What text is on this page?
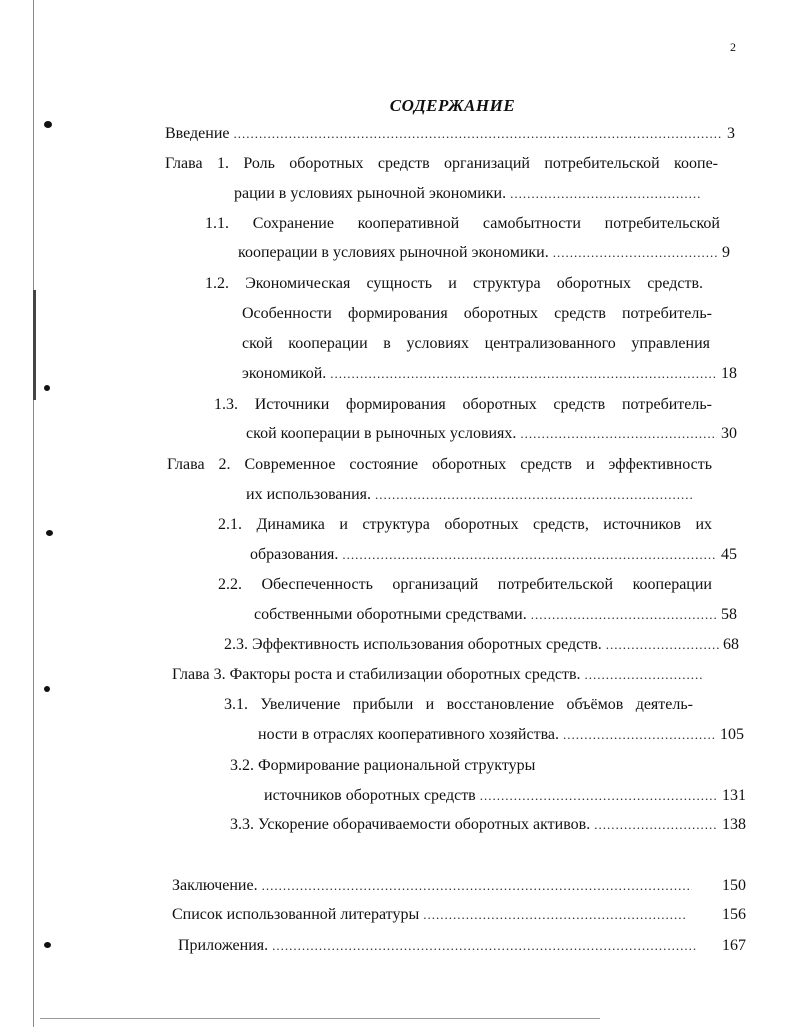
2
СОДЕРЖАНИЕ
Введение .....	3
Глава 1. Роль оборотных средств организаций потребительской коопе-
рации в условиях рыночной экономики.
.....
1.1. Сохранение кооперативной самобытности потребительской
кооперации в условиях рыночной экономики. .....	9
1.2. Экономическая сущность и структура оборотных средств.
Особенности формирования оборотных средств потребитель-
ской кооперации в условиях централизованного управления
экономикой. .....	18
1.3. Источники формирования оборотных средств потребитель-
ской кооперации в рыночных условиях. .....	30
Глава 2. Современное состояние оборотных средств и эффективность
их использования.
.....
2.1. Динамика и структура оборотных средств, источников их
образования. .....	45
2.2. Обеспеченность организаций потребительской кооперации
собственными оборотными средствами. .....	58
2.3. Эффективность использования оборотных средств. .....	68
Глава 3. Факторы роста и стабилизации оборотных средств.
.....
3.1. Увеличение прибыли и восстановление объёмов деятель-
ности в отраслях кооперативного хозяйства. .....	105
3.2. Формирование рациональной структуры
источников оборотных средств .....	131
3.3. Ускорение оборачиваемости оборотных активов. .....	138
Заключение. .....	150
Список использованной литературы .....	156
Приложения. .....	167
